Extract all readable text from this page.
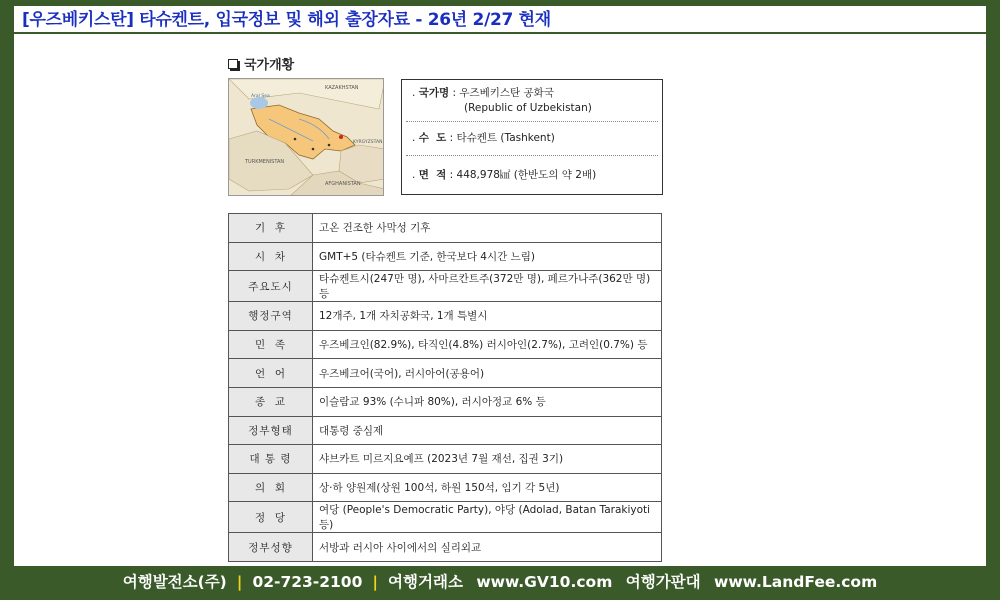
[우즈베키스탄] 타슈켄트, 입국정보 및 해외 출장자료 - 26년 2/27 현재
국가개황
KAZAKHSTAN
TURKMENISTAN
KYRGYZSTAN
AFGHANISTAN
Aral Sea	. 국가명 : 우즈베키스탄 공화국
(Republic of Uzbekistan)
. 수  도 : 타슈켄트 (Tashkent)
. 면  적 : 448,978㎢ (한반도의 약 2배)
기  후	고온 건조한 사막성 기후
시  차	GMT+5 (타슈켄트 기준, 한국보다 4시간 느림)
주요도시	타슈켄트시(247만 명), 사마르칸트주(372만 명), 페르가나주(362만 명) 등
행정구역	12개주, 1개 자치공화국, 1개 특별시
민  족	우즈베크인(82.9%), 타직인(4.8%) 러시아인(2.7%), 고려인(0.7%) 등
언  어	우즈베크어(국어), 러시아어(공용어)
종  교	이슬람교 93% (수니파 80%), 러시아정교 6% 등
정부형태	대통령 중심제
대 통 령	샤브카트 미르지요예프 (2023년 7월 재선, 집권 3기)
의  회	상·하 양원제(상원 100석, 하원 150석, 임기 각 5년)
정  당	여당 (People's Democratic Party), 야당 (Adolad, Batan Tarakiyoti 등)
정부성향	서방과 러시아 사이에서의 실리외교
여행발전소(주) | 02-723-2100 | 여행거래소 www.GV10.com 여행가판대 www.LandFee.com
